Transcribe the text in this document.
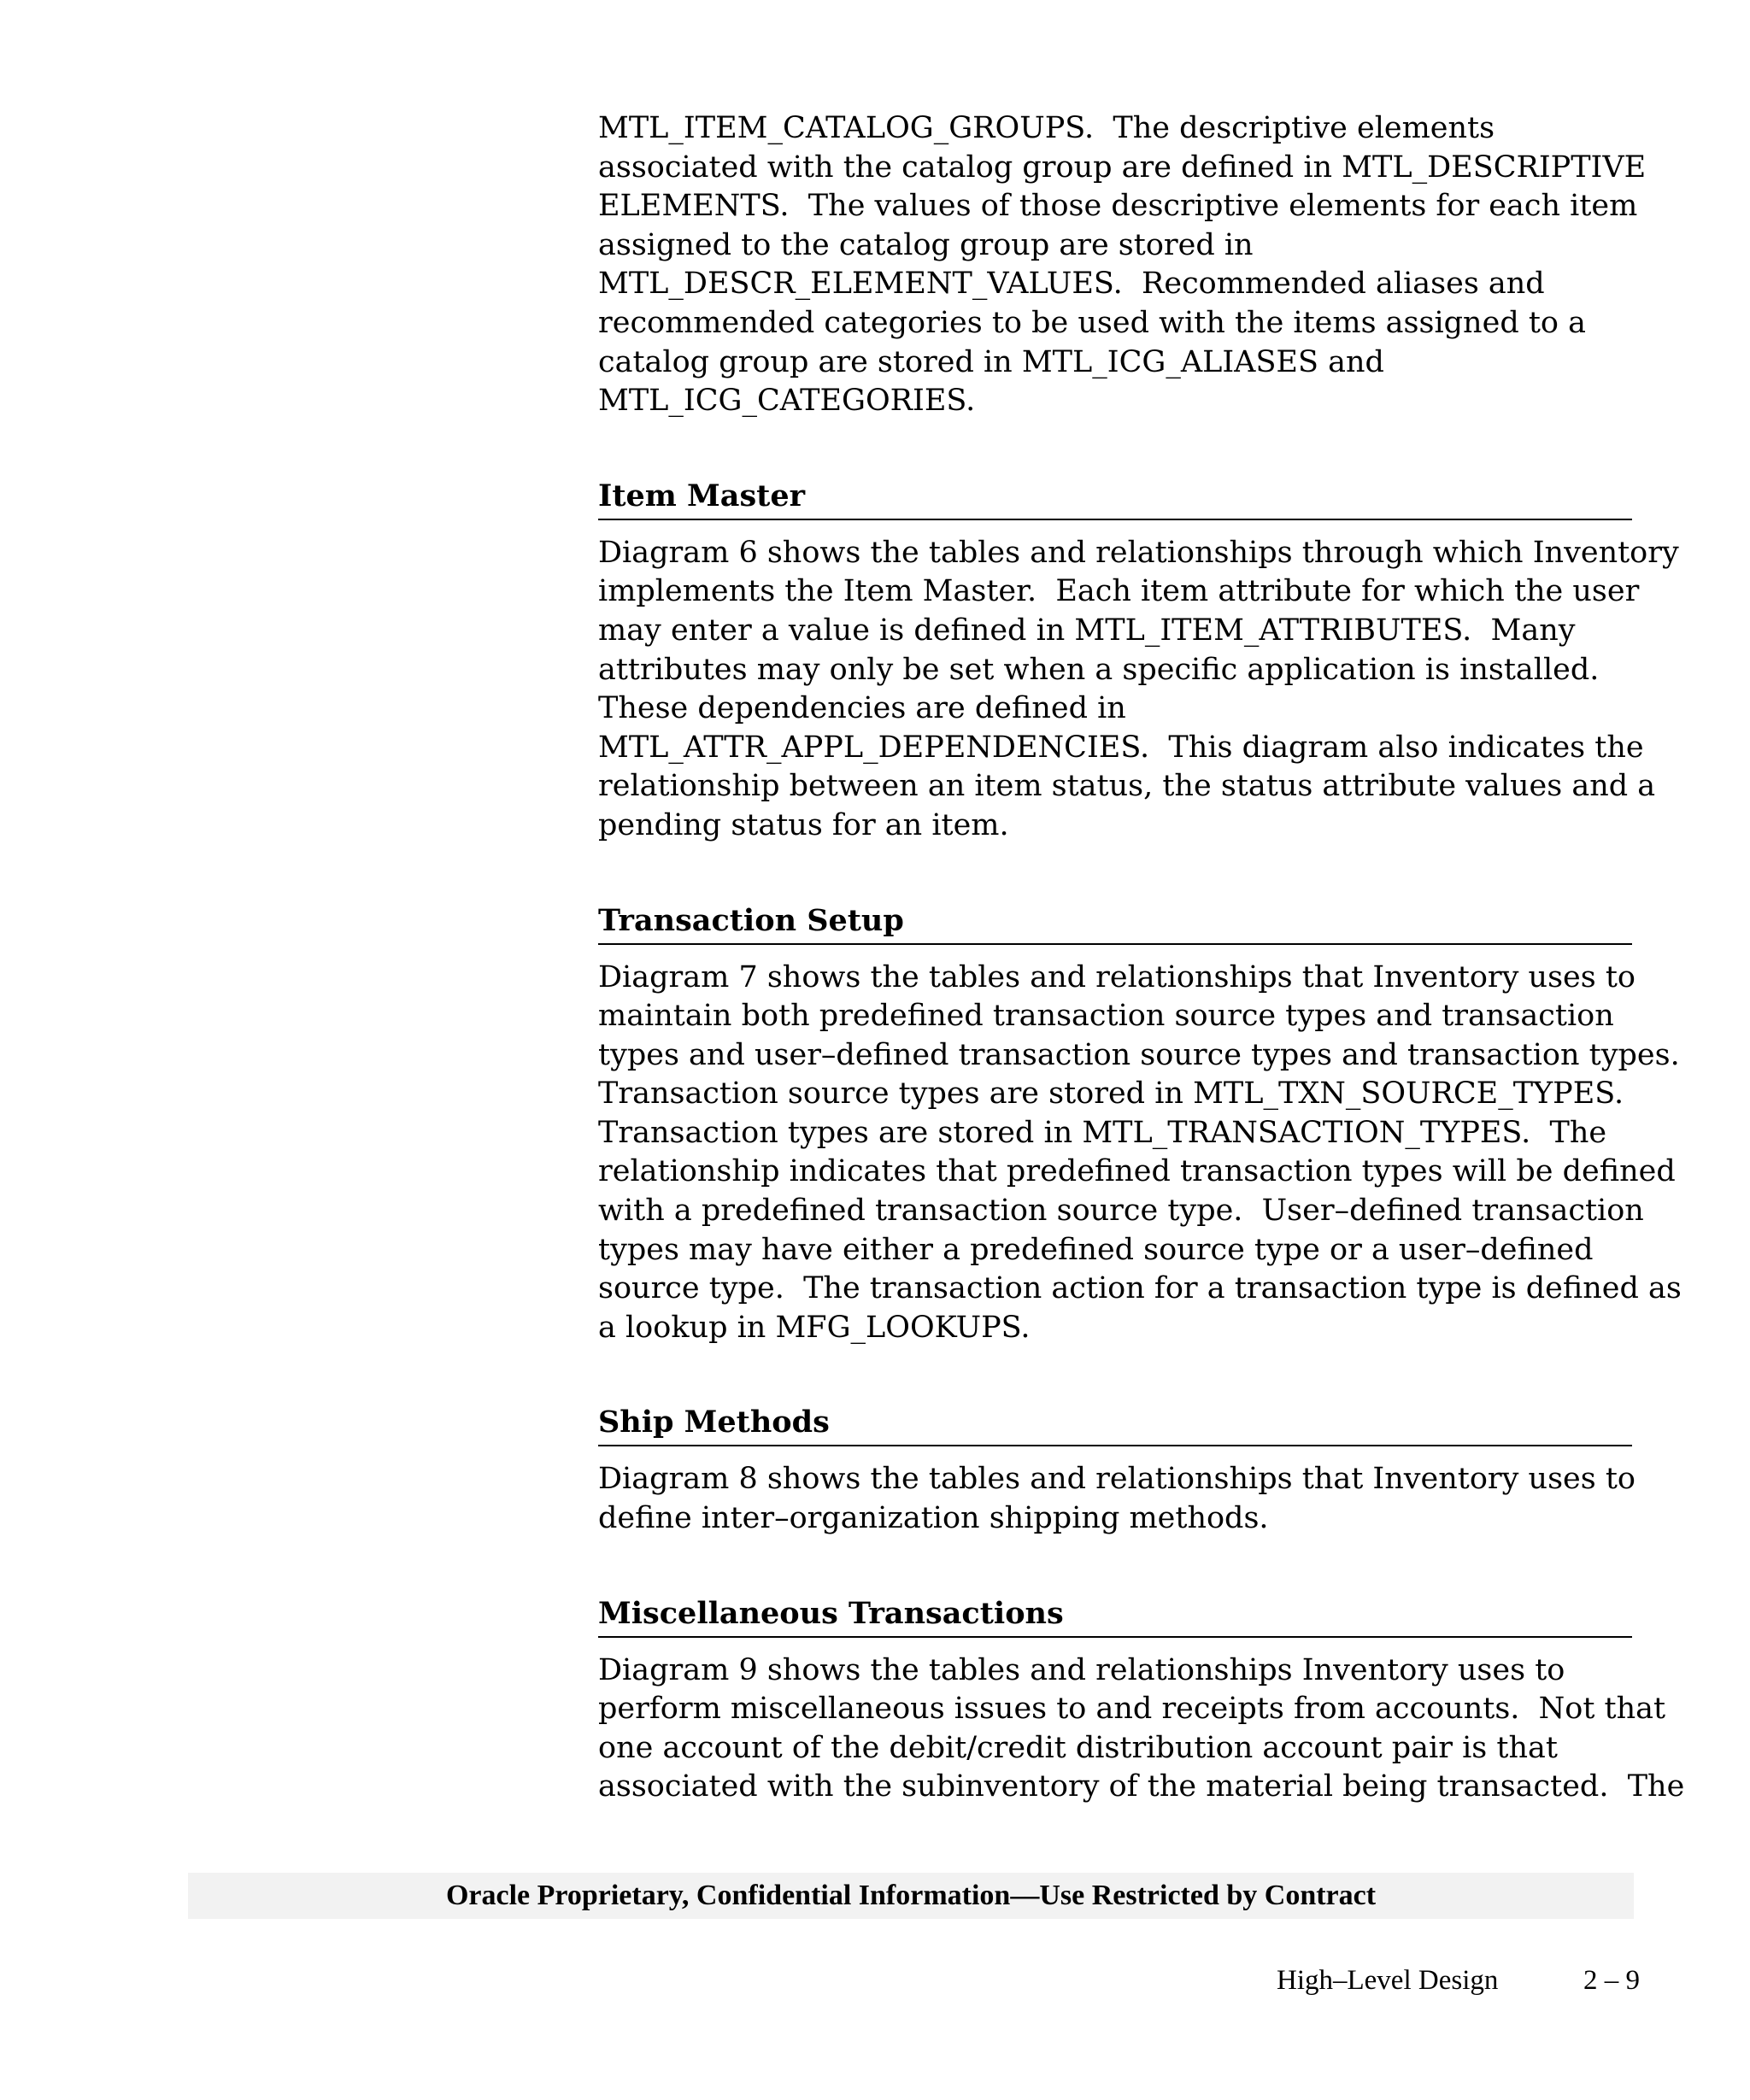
MTL_ITEM_CATALOG_GROUPS.  The descriptive elements
associated with the catalog group are defined in MTL_DESCRIPTIVE
ELEMENTS.  The values of those descriptive elements for each item
assigned to the catalog group are stored in
MTL_DESCR_ELEMENT_VALUES.  Recommended aliases and
recommended categories to be used with the items assigned to a
catalog group are stored in MTL_ICG_ALIASES and
MTL_ICG_CATEGORIES.
Item Master
Diagram 6 shows the tables and relationships through which Inventory
implements the Item Master.  Each item attribute for which the user
may enter a value is defined in MTL_ITEM_ATTRIBUTES.  Many
attributes may only be set when a specific application is installed.
These dependencies are defined in
MTL_ATTR_APPL_DEPENDENCIES.  This diagram also indicates the
relationship between an item status, the status attribute values and a
pending status for an item.
Transaction Setup
Diagram 7 shows the tables and relationships that Inventory uses to
maintain both predefined transaction source types and transaction
types and user–defined transaction source types and transaction types.
Transaction source types are stored in MTL_TXN_SOURCE_TYPES.
Transaction types are stored in MTL_TRANSACTION_TYPES.  The
relationship indicates that predefined transaction types will be defined
with a predefined transaction source type.  User–defined transaction
types may have either a predefined source type or a user–defined
source type.  The transaction action for a transaction type is defined as
a lookup in MFG_LOOKUPS.
Ship Methods
Diagram 8 shows the tables and relationships that Inventory uses to
define inter–organization shipping methods.
Miscellaneous Transactions
Diagram 9 shows the tables and relationships Inventory uses to
perform miscellaneous issues to and receipts from accounts.  Not that
one account of the debit/credit distribution account pair is that
associated with the subinventory of the material being transacted.  The
Oracle Proprietary, Confidential Information––Use Restricted by Contract
High–Level Design	2 – 9
